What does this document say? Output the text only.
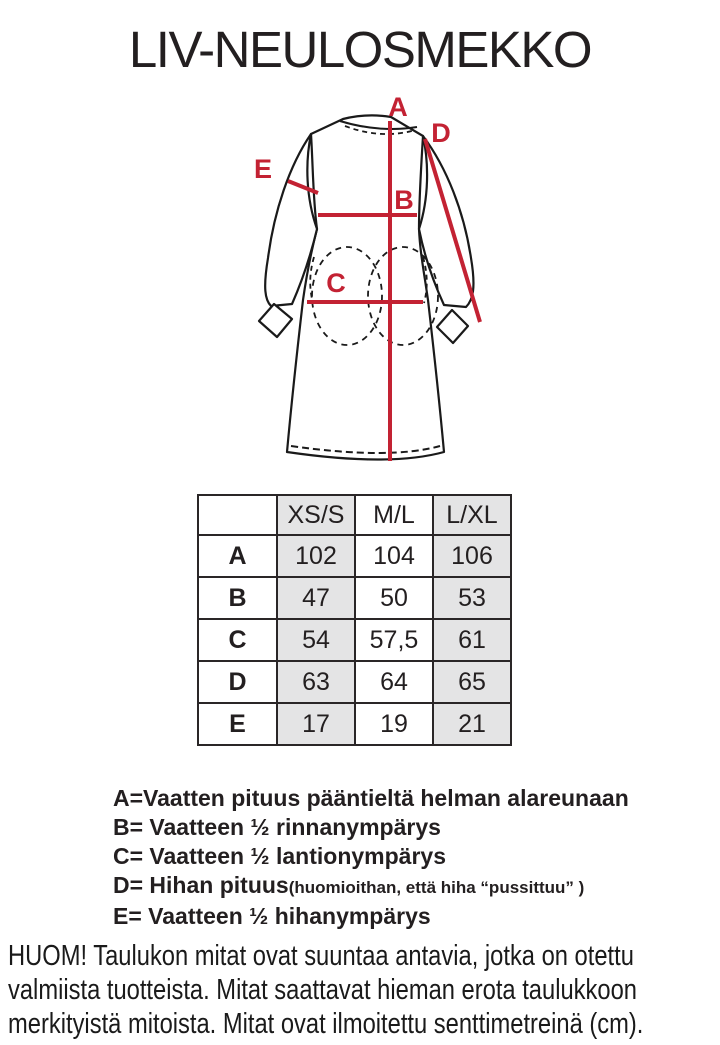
LIV-NEULOSMEKKO
A
B
C
D
E
	XS/S	M/L	L/XL
A	102	104	106
B	47	50	53
C	54	57,5	61
D	63	64	65
E	17	19	21
A=Vaatten pituus pääntieltä helman alareunaan
B= Vaatteen ½ rinnanympärys
C= Vaatteen ½ lantionympärys
D= Hihan pituus(huomioithan, että hiha “pussittuu” )
E= Vaatteen ½ hihanympärys
HUOM! Taulukon mitat ovat suuntaa antavia, jotka on otettu valmiista tuotteista. Mitat saattavat hieman erota taulukkoon merkityistä mitoista. Mitat ovat ilmoitettu senttimetreinä (cm).
